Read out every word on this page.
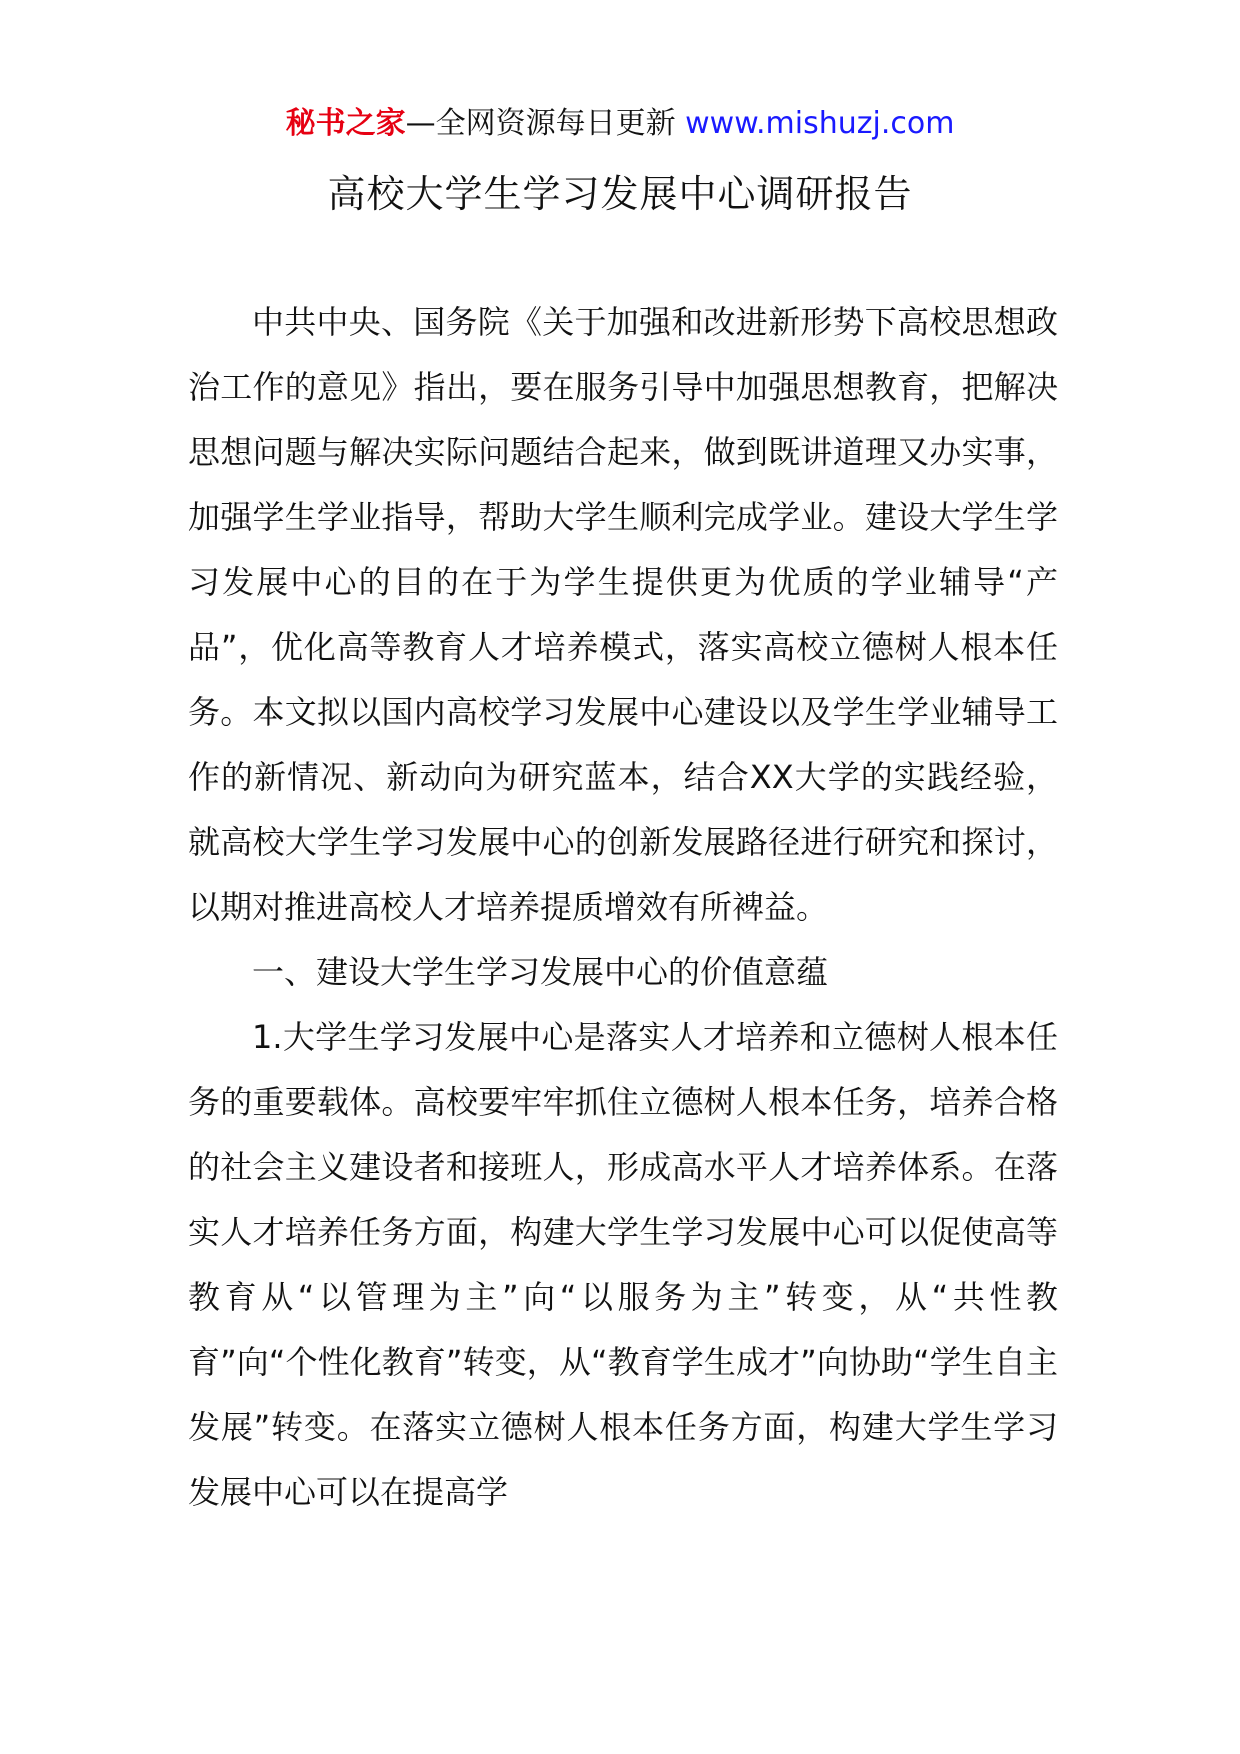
秘书之家—全网资源每日更新 www.mishuzj.com
高校大学生学习发展中心调研报告

中共中央、国务院《关于加强和改进新形势下高校思想政治工作的意见》指出，要在服务引导中加强思想教育，把解决思想问题与解决实际问题结合起来，做到既讲道理又办实事，加强学生学业指导，帮助大学生顺利完成学业。建设大学生学习发展中心的目的在于为学生提供更为优质的学业辅导“产品”，优化高等教育人才培养模式，落实高校立德树人根本任务。本文拟以国内高校学习发展中心建设以及学生学业辅导工作的新情况、新动向为研究蓝本，结合XX大学的实践经验，就高校大学生学习发展中心的创新发展路径进行研究和探讨，以期对推进高校人才培养提质增效有所裨益。

一、建设大学生学习发展中心的价值意蕴

1.大学生学习发展中心是落实人才培养和立德树人根本任务的重要载体。高校要牢牢抓住立德树人根本任务，培养合格的社会主义建设者和接班人，形成高水平人才培养体系。在落实人才培养任务方面，构建大学生学习发展中心可以促使高等教育从“以管理为主”向“以服务为主”转变，从“共性教育”向“个性化教育”转变，从“教育学生成才”向协助“学生自主发展”转变。在落实立德树人根本任务方面，构建大学生学习发展中心可以在提高学
